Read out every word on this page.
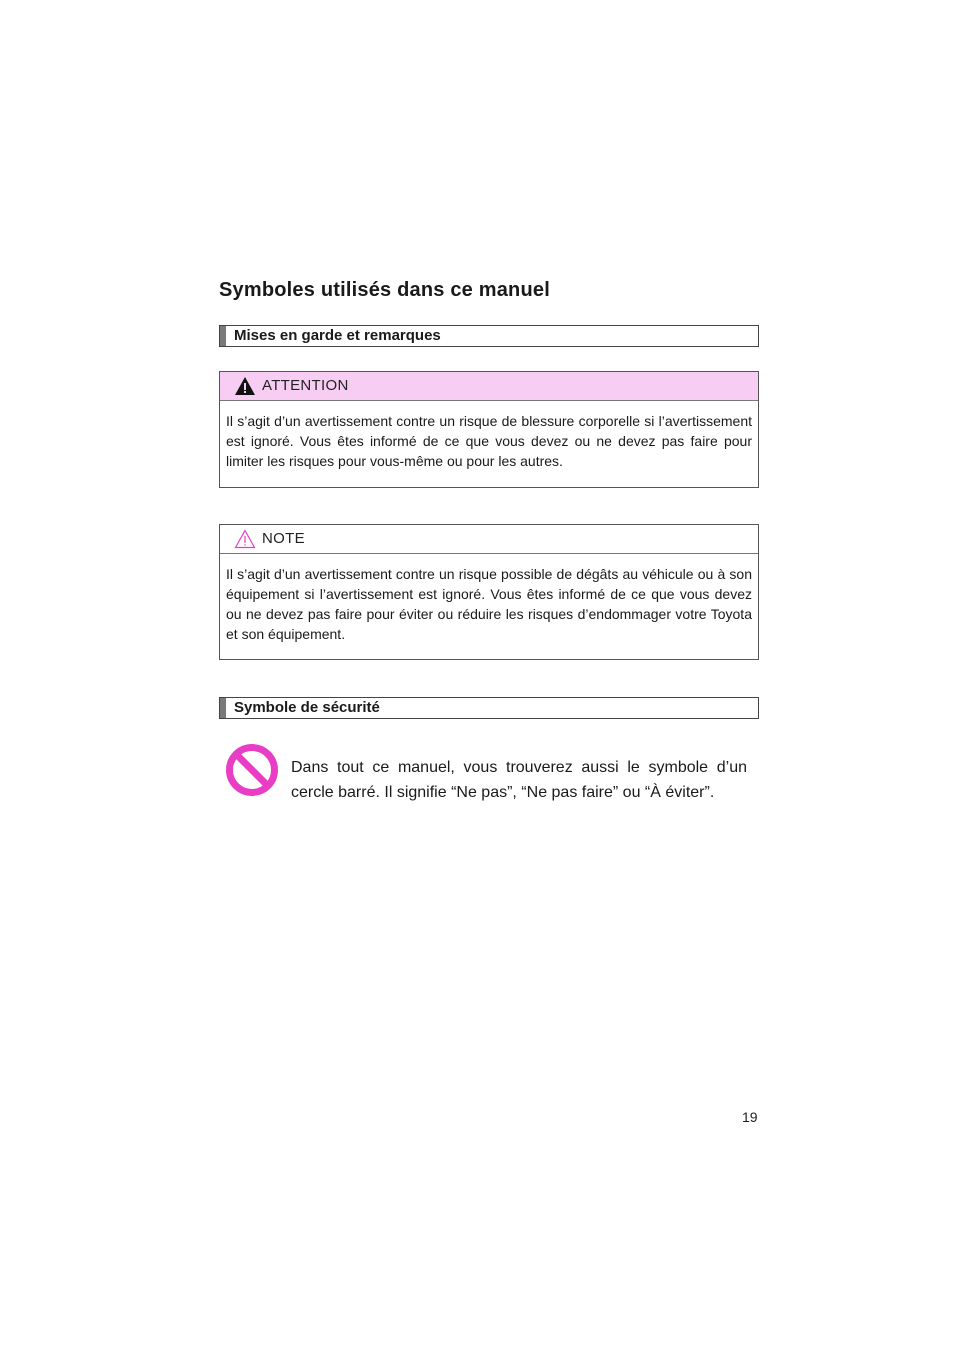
Symboles utilisés dans ce manuel
Mises en garde et remarques
ATTENTION
Il s’agit d’un avertissement contre un risque de blessure corporelle si l’avertissement est ignoré. Vous êtes informé de ce que vous devez ou ne devez pas faire pour limiter les risques pour vous-même ou pour les autres.
NOTE
Il s’agit d’un avertissement contre un risque possible de dégâts au véhicule ou à son équipement si l’avertissement est ignoré. Vous êtes informé de ce que vous devez ou ne devez pas faire pour éviter ou réduire les risques d’endommager votre Toyota et son équipement.
Symbole de sécurité
Dans tout ce manuel, vous trouverez aussi le symbole d’un cercle barré. Il signifie “Ne pas”, “Ne pas faire” ou “À éviter”.
19
